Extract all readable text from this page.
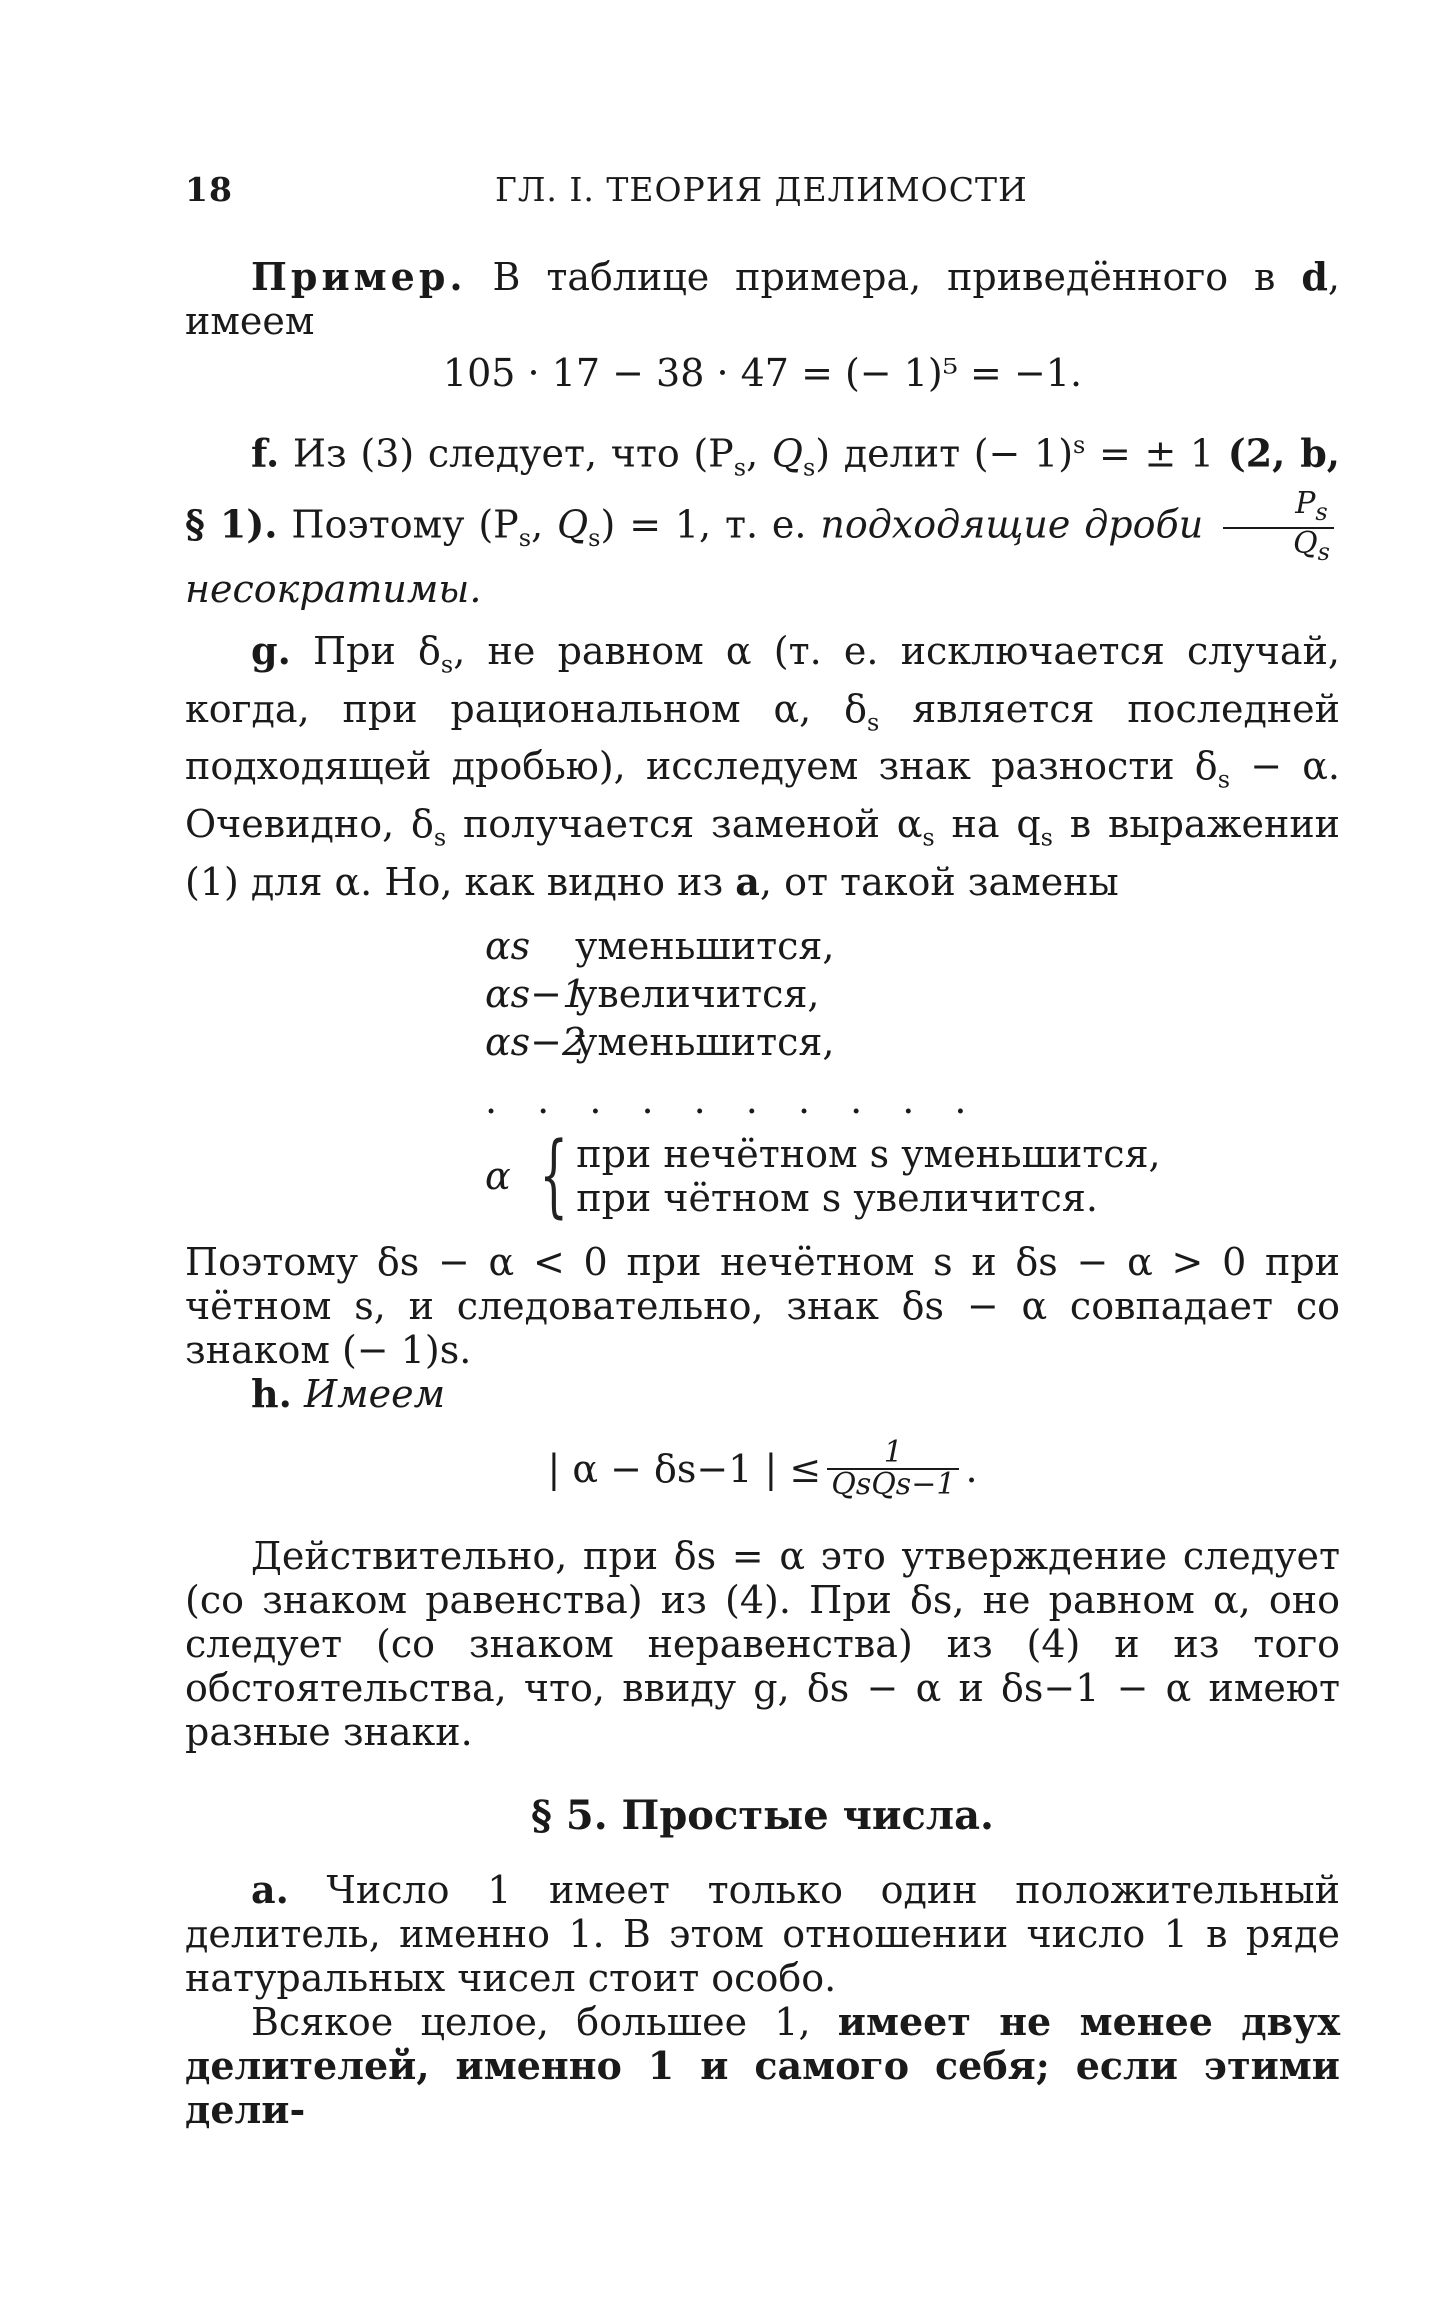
18	ГЛ. I. ТЕОРИЯ ДЕЛИМОСТИ

Пример. В таблице примера, приведённого в d, имеем

105 · 17 − 38 · 47 = (− 1)⁵ = −1.

f. Из (3) следует, что ($P_s$, $Q_s$) делит (− 1)$^s$ = ± 1 (2, b, § 1). Поэтому ($P_s$, $Q_s) = 1$, т. е. подходящие дроби $\frac{P_s}{Q_s}$
несократимы.

g. При $\delta_s$, не равном α (т. е. исключается случай, когда, при рациональном α, $\delta_s$ является последней подходящей дробью), исследуем знак разности $\delta_s - \alpha$. Очевидно, $\delta_s$ получается заменой $\alpha_s$ на $q_s$ в выражении (1) для α. Но, как видно из a, от такой замены

αs уменьшится,
αs−1увеличится,
αs−2уменьшится,
. . . . . . . . . .
α { при нечётном s уменьшится,
при чётном s увеличится.

Поэтому δs − α < 0 при нечётном s и δs − α > 0 при чётном s, и следовательно, знак δs − α совпадает со знаком (− 1)s.

h. Имеем

| α − δs−1 | ≤ $\frac{1}{\text{QsQs−1}}$ .

Действительно, при δs = α это утверждение следует (со знаком равенства) из (4). При δs, не равном α, оно следует (со знаком неравенства) из (4) и из того обстоятельства, что, ввиду g, δs − α и δs−1 − α имеют разные знаки.

§ 5. Простые числа.

a. Число 1 имеет только один положительный делитель, именно 1. В этом отношении число 1 в ряде натуральных чисел стоит особо.

Всякое целое, большее 1, имеет не менее двух делителей, именно 1 и самого себя; если этими дели-
